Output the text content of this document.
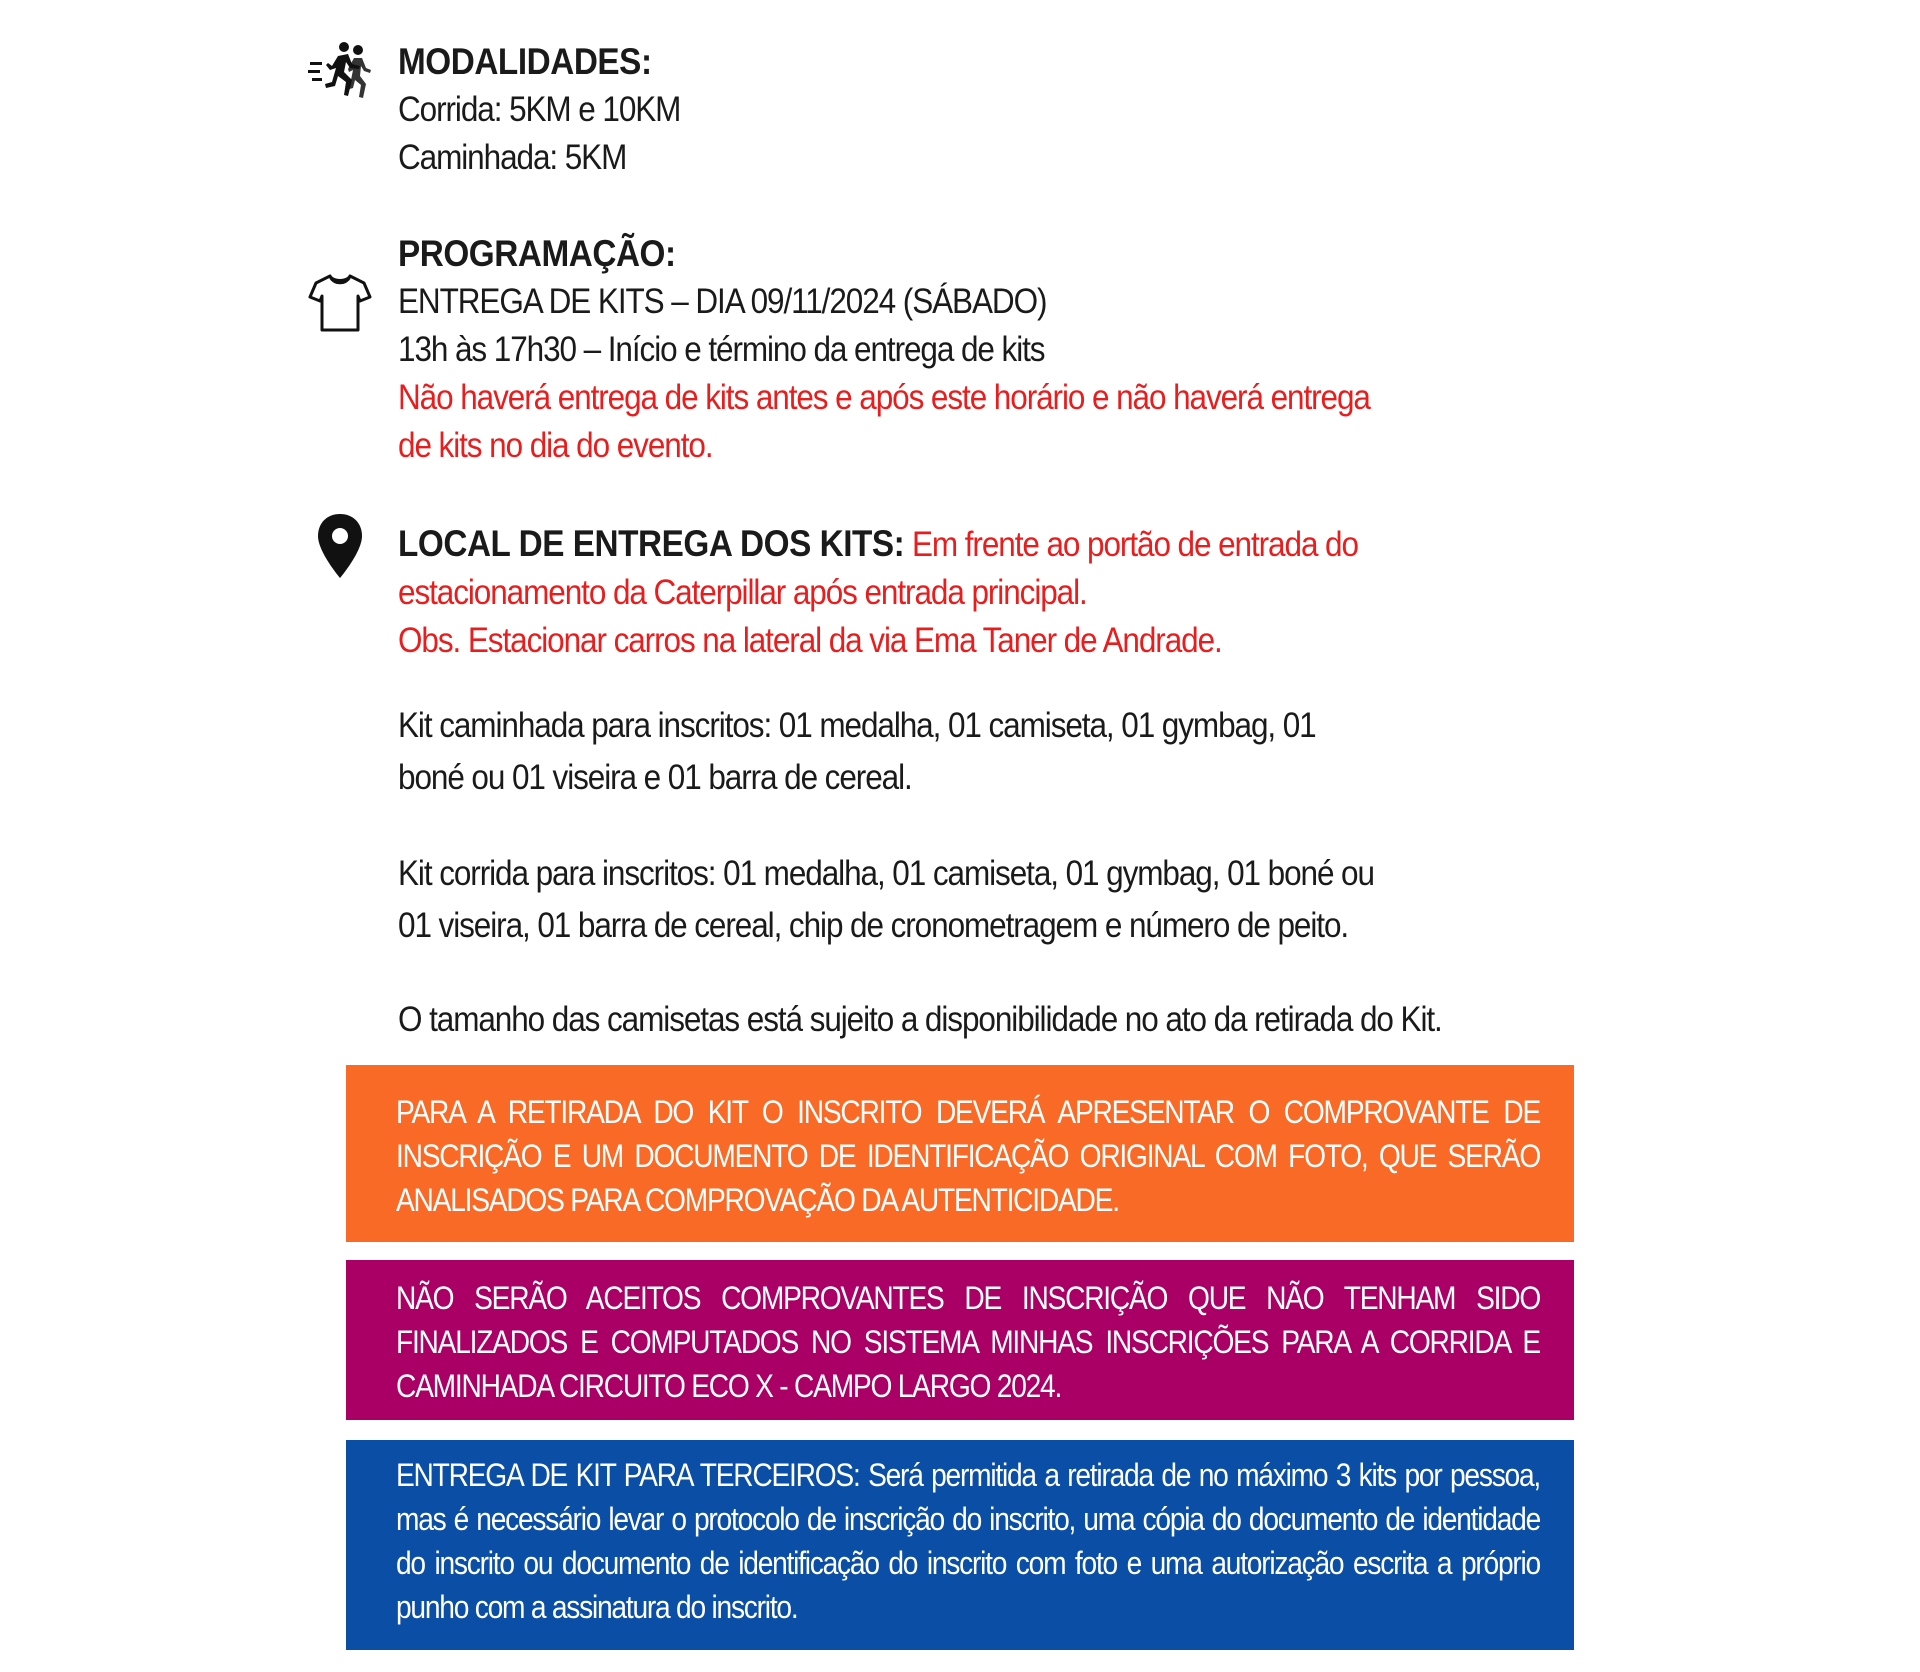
MODALIDADES:
Corrida: 5KM e 10KM
Caminhada: 5KM
PROGRAMAÇÃO:
ENTREGA DE KITS – DIA 09/11/2024 (SÁBADO)
13h às 17h30 – Início e término da entrega de kits
Não haverá entrega de kits antes e após este horário e não haverá entrega
de kits no dia do evento.
LOCAL DE ENTREGA DOS KITS: Em frente ao portão de entrada do
estacionamento da Caterpillar após entrada principal.
Obs. Estacionar carros na lateral da via Ema Taner de Andrade.
Kit caminhada para inscritos: 01 medalha, 01 camiseta, 01 gymbag, 01
boné ou 01 viseira e 01 barra de cereal.
Kit corrida para inscritos: 01 medalha, 01 camiseta, 01 gymbag, 01 boné ou
01 viseira, 01 barra de cereal, chip de cronometragem e número de peito.
O tamanho das camisetas está sujeito a disponibilidade no ato da retirada do Kit.
PARA A RETIRADA DO KIT O INSCRITO DEVERÁ APRESENTAR O COMPROVANTE DE INSCRIÇÃO E UM DOCUMENTO DE IDENTIFICAÇÃO ORIGINAL COM FOTO, QUE SERÃO ANALISADOS PARA COMPROVAÇÃO DA AUTENTICIDADE.
NÃO SERÃO ACEITOS COMPROVANTES DE INSCRIÇÃO QUE NÃO TENHAM SIDO FINALIZADOS E COMPUTADOS NO SISTEMA MINHAS INSCRIÇÕES PARA A CORRIDA E CAMINHADA CIRCUITO ECO X - CAMPO LARGO 2024.
ENTREGA DE KIT PARA TERCEIROS: Será permitida a retirada de no máximo 3 kits por pessoa, mas é necessário levar o protocolo de inscrição do inscrito, uma cópia do documento de identidade do inscrito ou documento de identificação do inscrito com foto e uma autorização escrita a próprio punho com a assinatura do inscrito.
